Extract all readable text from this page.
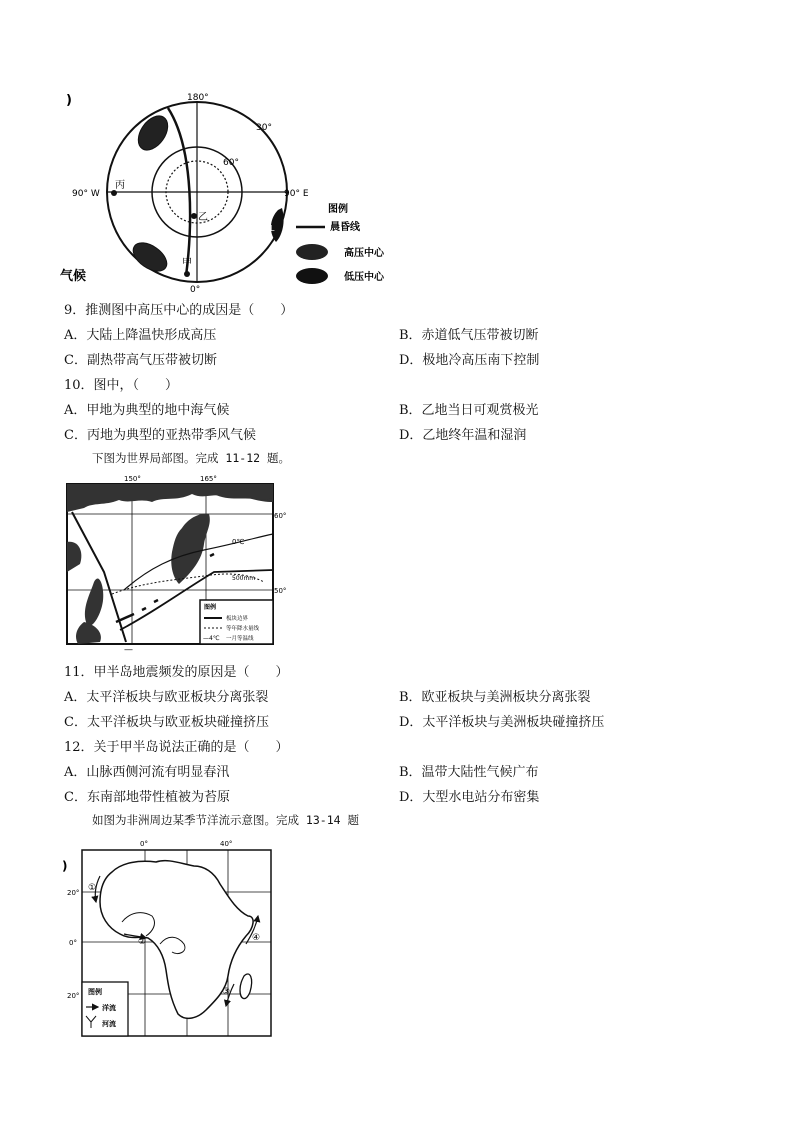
)
气候
L
180°
30°
60°
90° W	90° E
0°
丙
乙
甲
图例
晨昏线
高压中心
低压中心
9．推测图中高压中心的成因是（　　）
A．大陆上降温快形成高压	B．赤道低气压带被切断
C．副热带高气压带被切断	D．极地冷高压南下控制
10．图中，（　　）
A．甲地为典型的地中海气候	B．乙地当日可观赏极光
C．丙地为典型的亚热带季风气候	D．乙地终年温和湿润
下图为世界局部图。完成 11-12 题。
150°	165°
60°
50°
0℃
500mm
图例
板块边界
等年降水量线
—4℃ 一月等温线
—
11．甲半岛地震频发的原因是（　　）
A．太平洋板块与欧亚板块分离张裂	B．欧亚板块与美洲板块分离张裂
C．太平洋板块与欧亚板块碰撞挤压	D．太平洋板块与美洲板块碰撞挤压
12．关于甲半岛说法正确的是（　　）
A．山脉西侧河流有明显春汛	B．温带大陆性气候广布
C．东南部地带性植被为苔原	D．大型水电站分布密集
如图为非洲周边某季节洋流示意图。完成 13-14 题
)
0°	40°
20°
0°
20°
①
②
③
④
图例
洋流
河流
